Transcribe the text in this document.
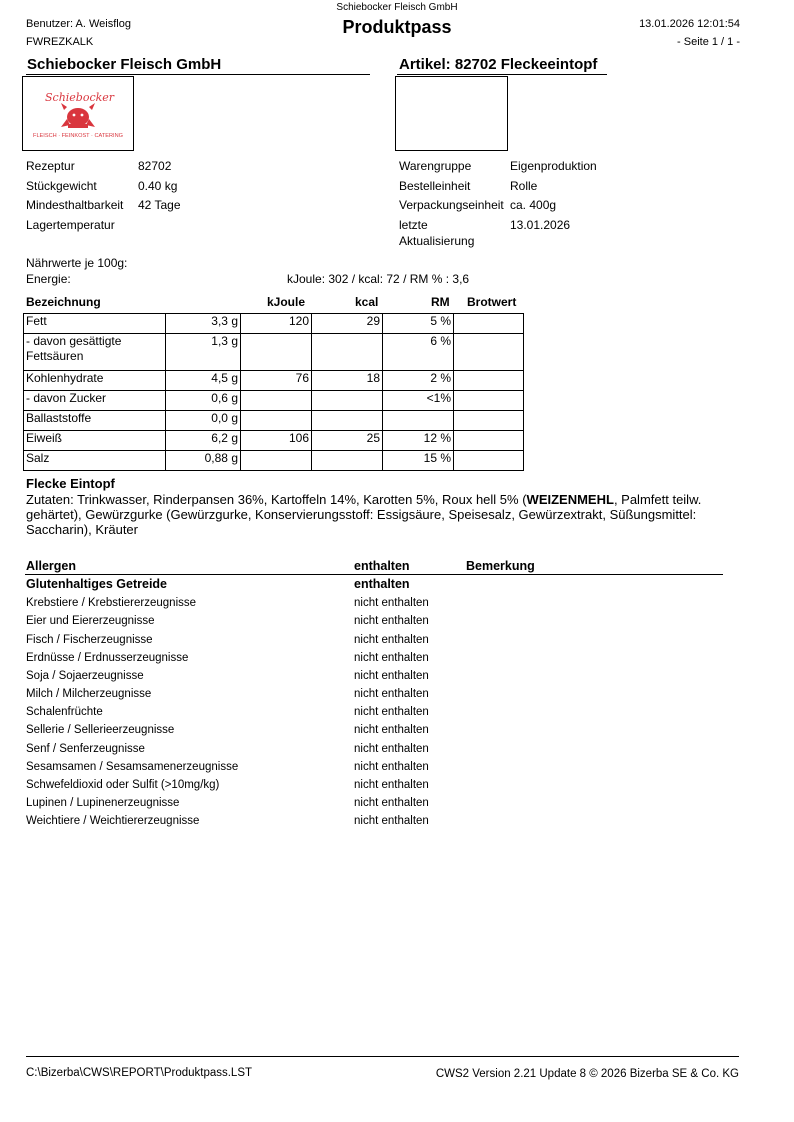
Schiebocker Fleisch GmbH
Produktpass
Benutzer: A. Weisflog
FWREZKALK
13.01.2026 12:01:54
- Seite 1 / 1 -
Schiebocker Fleisch GmbH	Artikel: 82702 Fleckeeintopf
Schiebocker
FLEISCH · FEINKOST · CATERING
Rezeptur	82702
Stückgewicht	0.40 kg
Mindesthaltbarkeit 42 Tage
Lagertemperatur
Warengruppe	Eigenproduktion
Bestelleinheit	Rolle
Verpackungseinheit ca. 400g
letzte
Aktualisierung
13.01.2026
Nährwerte je 100g:
Energie:	kJoule: 302 / kcal: 72 / RM % : 3,6
Bezeichnung	kJoule	kcal	RM Brotwert
Fett	3,3 g	120	29	5 %	
- davon gesättigte Fettsäuren	1,3 g			6 %	
Kohlenhydrate	4,5 g	76	18	2 %	
- davon Zucker	0,6 g			<1%	
Ballaststoffe	0,0 g				
Eiweiß	6,2 g	106	25	12 %	
Salz	0,88 g			15 %	
Flecke Eintopf
Zutaten: Trinkwasser, Rinderpansen 36%, Kartoffeln 14%, Karotten 5%, Roux hell 5% (WEIZENMEHL, Palmfett teilw. gehärtet), Gewürzgurke (Gewürzgurke, Konservierungsstoff: Essigsäure, Speisesalz, Gewürzextrakt, Süßungsmittel: Saccharin), Kräuter
Allergen	enthalten	Bemerkung
Glutenhaltiges Getreide	enthalten
Krebstiere / Krebstiererzeugnisse	nicht enthalten
Eier und Eiererzeugnisse	nicht enthalten
Fisch / Fischerzeugnisse	nicht enthalten
Erdnüsse / Erdnusserzeugnisse	nicht enthalten
Soja / Sojaerzeugnisse	nicht enthalten
Milch / Milcherzeugnisse	nicht enthalten
Schalenfrüchte	nicht enthalten
Sellerie / Sellerieerzeugnisse	nicht enthalten
Senf / Senferzeugnisse	nicht enthalten
Sesamsamen / Sesamsamenerzeugnisse	nicht enthalten
Schwefeldioxid oder Sulfit (>10mg/kg)	nicht enthalten
Lupinen / Lupinenerzeugnisse	nicht enthalten
Weichtiere / Weichtiererzeugnisse	nicht enthalten
C:\Bizerba\CWS\REPORT\Produktpass.LST	CWS2 Version 2.21 Update 8 © 2026 Bizerba SE & Co. KG
